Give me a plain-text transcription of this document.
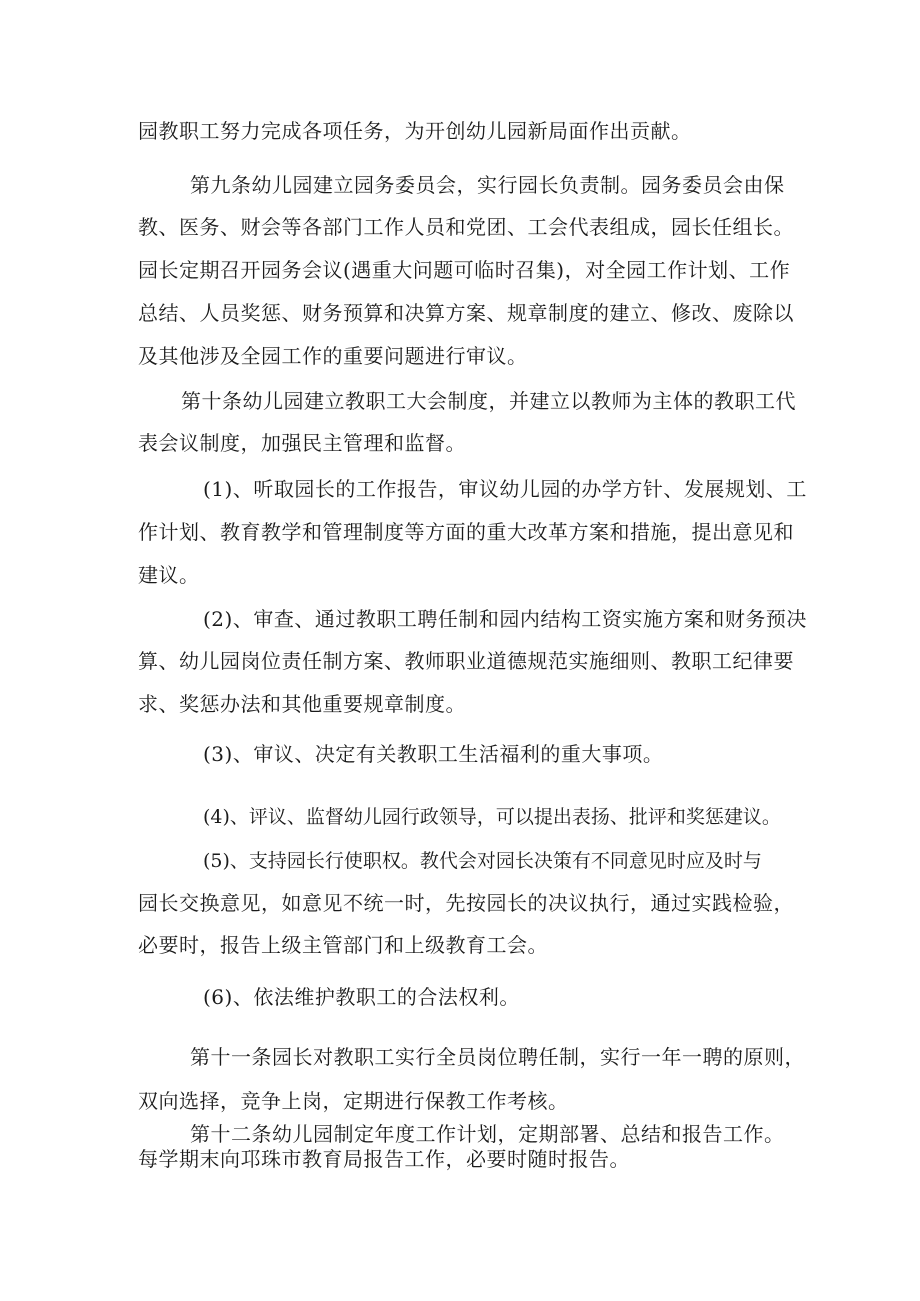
园教职工努力完成各项任务，为开创幼儿园新局面作出贡献。
第九条幼儿园建立园务委员会，实行园长负责制。园务委员会由保
教、医务、财会等各部门工作人员和党团、工会代表组成，园长任组长。
园长定期召开园务会议(遇重大问题可临时召集)，对全园工作计划、工作
总结、人员奖惩、财务预算和决算方案、规章制度的建立、修改、废除以
及其他涉及全园工作的重要问题进行审议。
第十条幼儿园建立教职工大会制度，并建立以教师为主体的教职工代
表会议制度，加强民主管理和监督。
(1)、听取园长的工作报告，审议幼儿园的办学方针、发展规划、工
作计划、教育教学和管理制度等方面的重大改革方案和措施，提出意见和
建议。
(2)、审查、通过教职工聘任制和园内结构工资实施方案和财务预决
算、幼儿园岗位责任制方案、教师职业道德规范实施细则、教职工纪律要
求、奖惩办法和其他重要规章制度。
(3)、审议、决定有关教职工生活福利的重大事项。
(4)、评议、监督幼儿园行政领导，可以提出表扬、批评和奖惩建议。
(5)、支持园长行使职权。教代会对园长决策有不同意见时应及时与
园长交换意见，如意见不统一时，先按园长的决议执行，通过实践检验，
必要时，报告上级主管部门和上级教育工会。
(6)、依法维护教职工的合法权利。
第十一条园长对教职工实行全员岗位聘任制，实行一年一聘的原则，
双向选择，竞争上岗，定期进行保教工作考核。
第十二条幼儿园制定年度工作计划，定期部署、总结和报告工作。
每学期末向邛珠市教育局报告工作，必要时随时报告。
